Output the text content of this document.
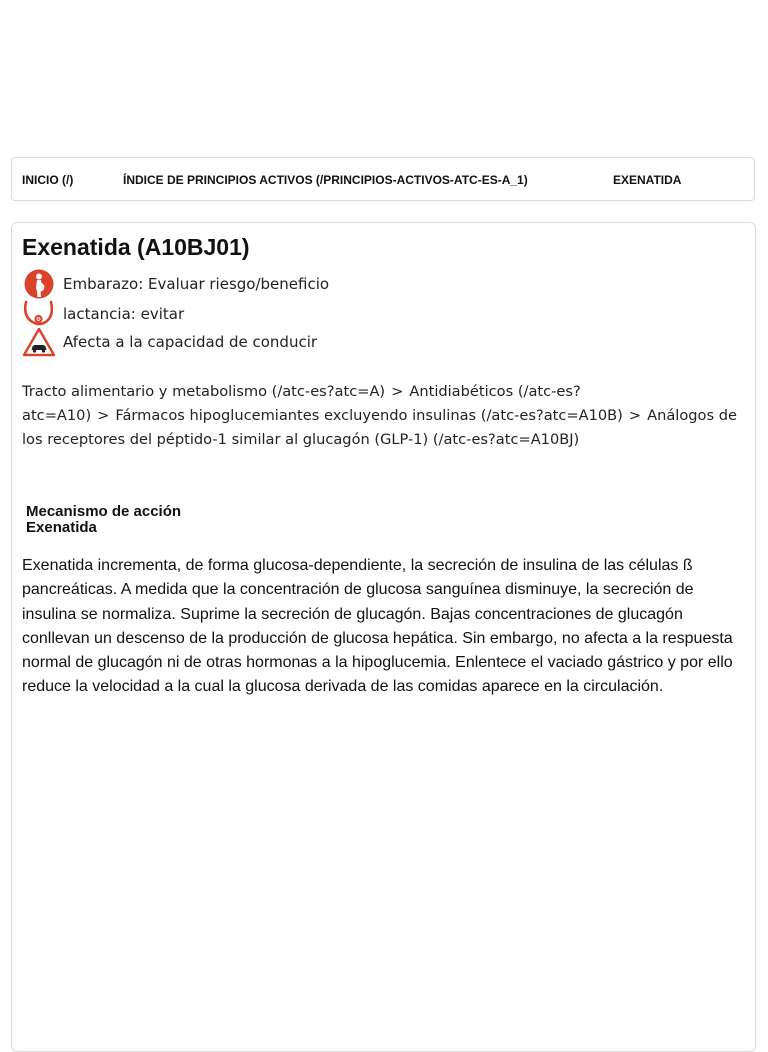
INICIO (/)	ÍNDICE DE PRINCIPIOS ACTIVOS (/PRINCIPIOS-ACTIVOS-ATC-ES-A_1)	EXENATIDA
Exenatida (A10BJ01)
Embarazo: Evaluar riesgo/beneficio
lactancia: evitar
Afecta a la capacidad de conducir
Tracto alimentario y metabolismo (/atc-es?atc=A) > Antidiabéticos (/atc-es?atc=A10) > Fármacos hipoglucemiantes excluyendo insulinas (/atc-es?atc=A10B) > Análogos de los receptores del péptido-1 similar al glucagón (GLP-1) (/atc-es?atc=A10BJ)
Mecanismo de acción
Exenatida

Exenatida incrementa, de forma glucosa-dependiente, la secreción de insulina de las células ß pancreáticas. A medida que la concentración de glucosa sanguínea disminuye, la secreción de insulina se normaliza. Suprime la secreción de glucagón. Bajas concentraciones de glucagón conllevan un descenso de la producción de glucosa hepática. Sin embargo, no afecta a la respuesta normal de glucagón ni de otras hormonas a la hipoglucemia. Enlentece el vaciado gástrico y por ello reduce la velocidad a la cual la glucosa derivada de las comidas aparece en la circulación.
